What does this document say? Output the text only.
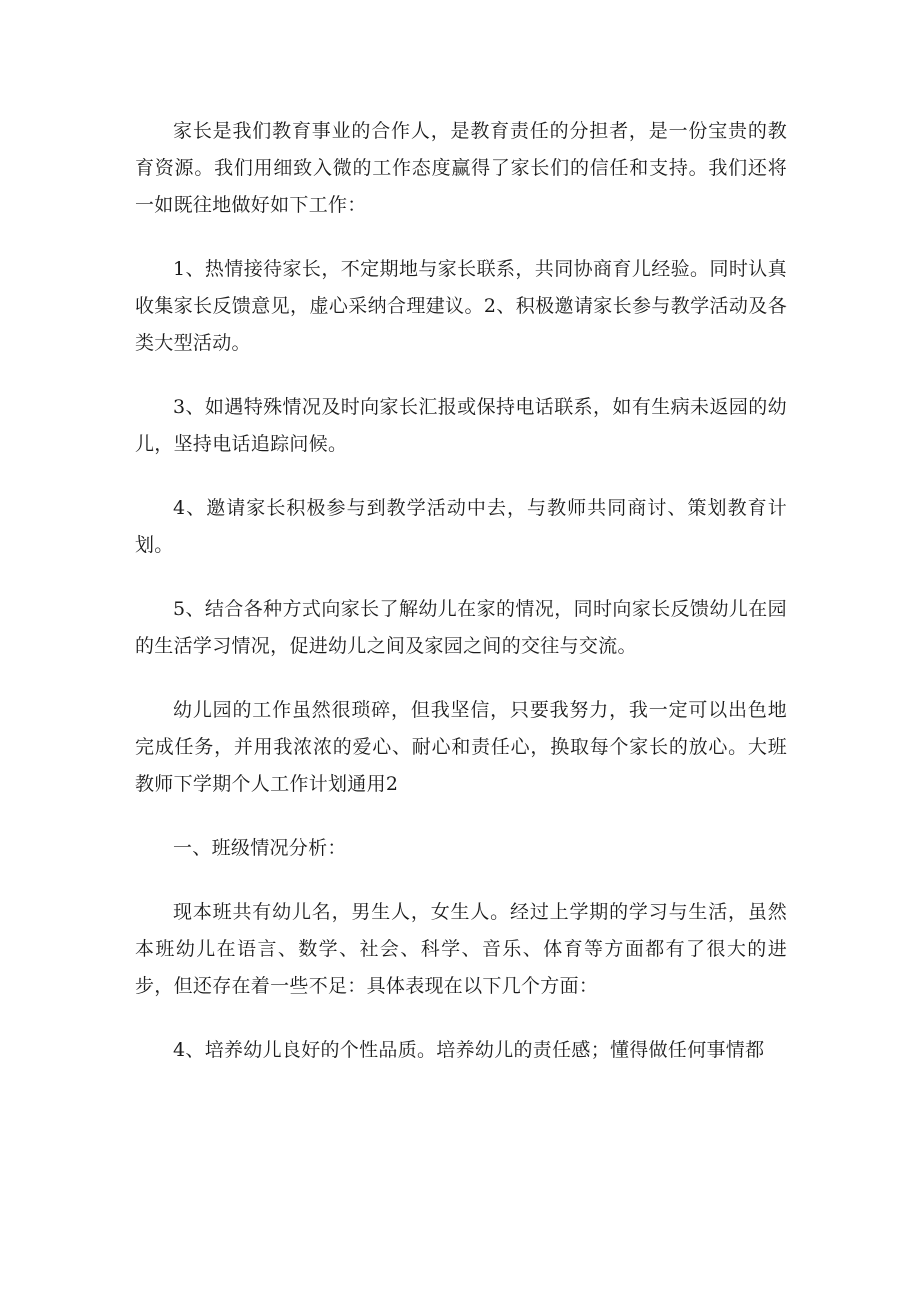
家长是我们教育事业的合作人，是教育责任的分担者，是一份宝贵的教育资源。我们用细致入微的工作态度赢得了家长们的信任和支持。我们还将一如既往地做好如下工作：

1、热情接待家长，不定期地与家长联系，共同协商育儿经验。同时认真收集家长反馈意见，虚心采纳合理建议。2、积极邀请家长参与教学活动及各类大型活动。

3、如遇特殊情况及时向家长汇报或保持电话联系，如有生病未返园的幼儿，坚持电话追踪问候。

4、邀请家长积极参与到教学活动中去，与教师共同商讨、策划教育计划。

5、结合各种方式向家长了解幼儿在家的情况，同时向家长反馈幼儿在园的生活学习情况，促进幼儿之间及家园之间的交往与交流。

幼儿园的工作虽然很琐碎，但我坚信，只要我努力，我一定可以出色地完成任务，并用我浓浓的爱心、耐心和责任心，换取每个家长的放心。大班教师下学期个人工作计划通用2

一、班级情况分析：

现本班共有幼儿名，男生人，女生人。经过上学期的学习与生活，虽然本班幼儿在语言、数学、社会、科学、音乐、体育等方面都有了很大的进步，但还存在着一些不足：具体表现在以下几个方面：

4、培养幼儿良好的个性品质。培养幼儿的责任感；懂得做任何事情都
